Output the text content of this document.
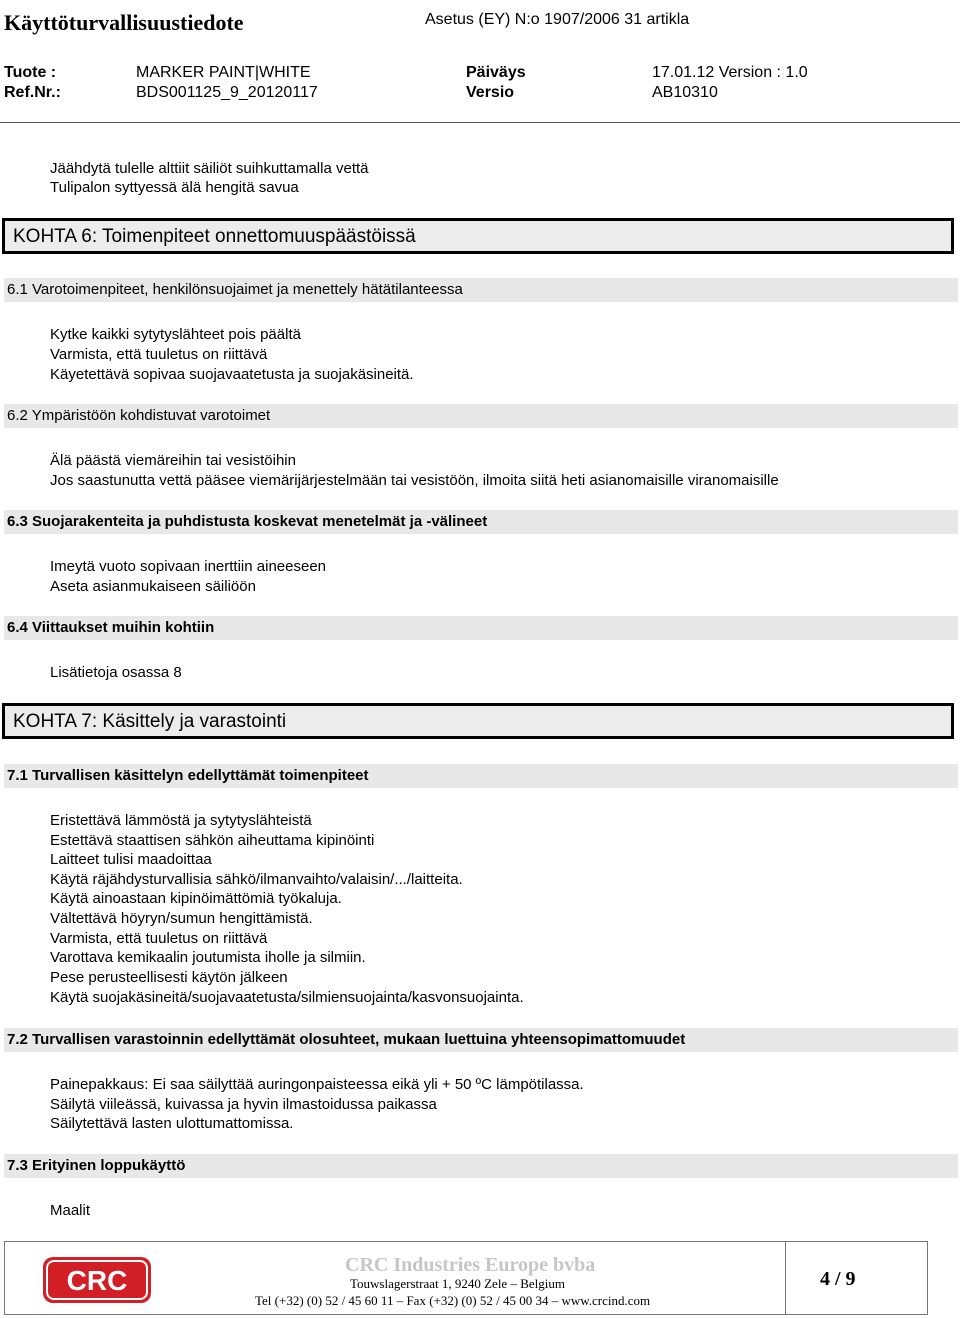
Käyttöturvallisuustiedote	Asetus (EY) N:o 1907/2006 31 artikla
Tuote :	MARKER PAINT|WHITE	Päiväys	17.01.12 Version : 1.0
Ref.Nr.:	BDS001125_9_20120117	Versio	AB10310
Jäähdytä tulelle alttiit säiliöt suihkuttamalla vettä
Tulipalon syttyessä älä hengitä savua
KOHTA 6: Toimenpiteet onnettomuuspäästöissä
6.1 Varotoimenpiteet, henkilönsuojaimet ja menettely hätätilanteessa
Kytke kaikki sytytyslähteet pois päältä
Varmista, että tuuletus on riittävä
Käyetettävä sopivaa suojavaatetusta ja suojakäsineitä.
6.2 Ympäristöön kohdistuvat varotoimet
Älä päästä viemäreihin tai vesistöihin
Jos saastunutta vettä pääsee viemärijärjestelmään tai vesistöön, ilmoita siitä heti asianomaisille viranomaisille
6.3 Suojarakenteita ja puhdistusta koskevat menetelmät ja -välineet
Imeytä vuoto sopivaan inerttiin aineeseen
Aseta asianmukaiseen säiliöön
6.4 Viittaukset muihin kohtiin
Lisätietoja osassa 8
KOHTA 7: Käsittely ja varastointi
7.1 Turvallisen käsittelyn edellyttämät toimenpiteet
Eristettävä lämmöstä ja sytytyslähteistä
Estettävä staattisen sähkön aiheuttama kipinöinti
Laitteet tulisi maadoittaa
Käytä räjähdysturvallisia sähkö/ilmanvaihto/valaisin/.../laitteita.
Käytä ainoastaan kipinöimättömiä työkaluja.
Vältettävä höyryn/sumun hengittämistä.
Varmista, että tuuletus on riittävä
Varottava kemikaalin joutumista iholle ja silmiin.
Pese perusteellisesti käytön jälkeen
Käytä suojakäsineitä/suojavaatetusta/silmiensuojainta/kasvonsuojainta.
7.2 Turvallisen varastoinnin edellyttämät olosuhteet, mukaan luettuina yhteensopimattomuudet
Painepakkaus: Ei saa säilyttää auringonpaisteessa eikä yli + 50 ºC lämpötilassa.
Säilytä viileässä, kuivassa ja hyvin ilmastoidussa paikassa
Säilytettävä lasten ulottumattomissa.
7.3 Erityinen loppukäyttö
Maalit
CRC	CRC Industries Europe bvba
Touwslagerstraat 1, 9240 Zele – Belgium
Tel (+32) (0) 52 / 45 60 11 – Fax (+32) (0) 52 / 45 00 34 – www.crcind.com
4 / 9
